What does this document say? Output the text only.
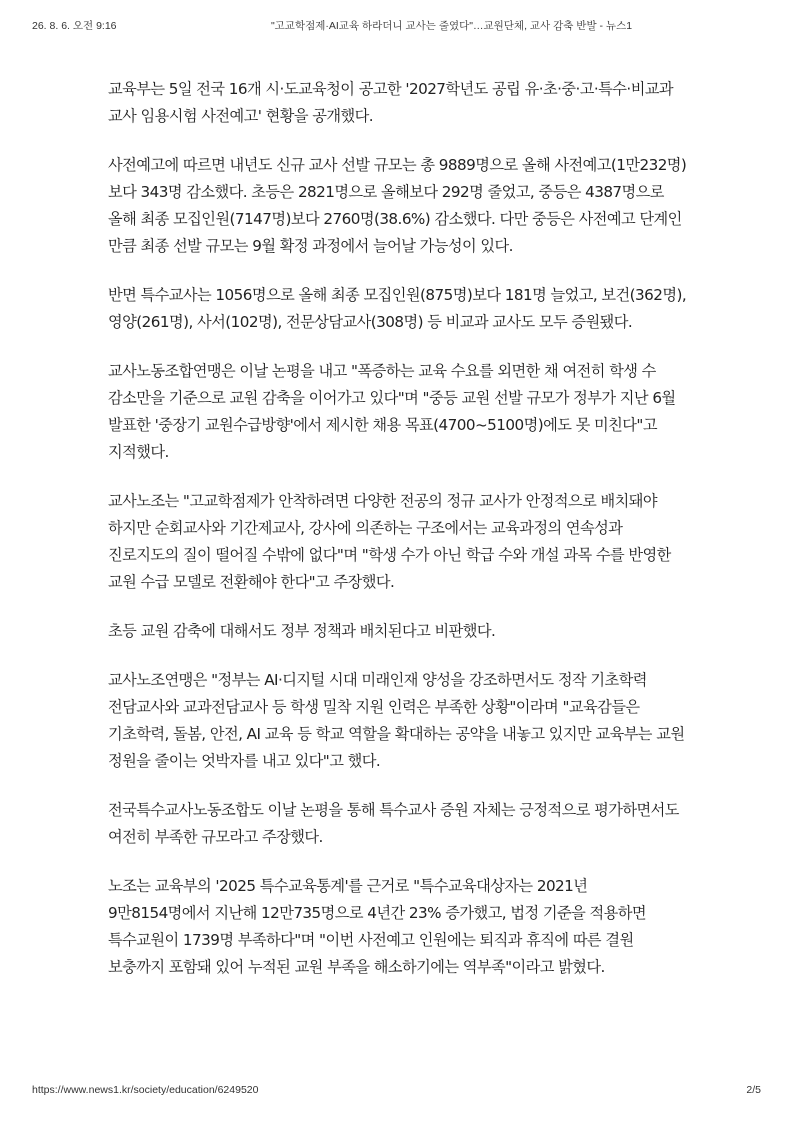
26. 8. 6. 오전 9:16	"고교학점제·AI교육 하라더니 교사는 줄였다"…교원단체, 교사 감축 반발 - 뉴스1

교육부는 5일 전국 16개 시·도교육청이 공고한 '2027학년도 공립 유·초·중·고·특수·비교과 교사 임용시험 사전예고' 현황을 공개했다.

사전예고에 따르면 내년도 신규 교사 선발 규모는 총 9889명으로 올해 사전예고(1만232명)보다 343명 감소했다. 초등은 2821명으로 올해보다 292명 줄었고, 중등은 4387명으로 올해 최종 모집인원(7147명)보다 2760명(38.6%) 감소했다. 다만 중등은 사전예고 단계인 만큼 최종 선발 규모는 9월 확정 과정에서 늘어날 가능성이 있다.

반면 특수교사는 1056명으로 올해 최종 모집인원(875명)보다 181명 늘었고, 보건(362명), 영양(261명), 사서(102명), 전문상담교사(308명) 등 비교과 교사도 모두 증원됐다.

교사노동조합연맹은 이날 논평을 내고 "폭증하는 교육 수요를 외면한 채 여전히 학생 수 감소만을 기준으로 교원 감축을 이어가고 있다"며 "중등 교원 선발 규모가 정부가 지난 6월 발표한 '중장기 교원수급방향'에서 제시한 채용 목표(4700~5100명)에도 못 미친다"고 지적했다.

교사노조는 "고교학점제가 안착하려면 다양한 전공의 정규 교사가 안정적으로 배치돼야 하지만 순회교사와 기간제교사, 강사에 의존하는 구조에서는 교육과정의 연속성과 진로지도의 질이 떨어질 수밖에 없다"며 "학생 수가 아닌 학급 수와 개설 과목 수를 반영한 교원 수급 모델로 전환해야 한다"고 주장했다.

초등 교원 감축에 대해서도 정부 정책과 배치된다고 비판했다.

교사노조연맹은 "정부는 AI·디지털 시대 미래인재 양성을 강조하면서도 정작 기초학력 전담교사와 교과전담교사 등 학생 밀착 지원 인력은 부족한 상황"이라며 "교육감들은 기초학력, 돌봄, 안전, AI 교육 등 학교 역할을 확대하는 공약을 내놓고 있지만 교육부는 교원 정원을 줄이는 엇박자를 내고 있다"고 했다.

전국특수교사노동조합도 이날 논평을 통해 특수교사 증원 자체는 긍정적으로 평가하면서도 여전히 부족한 규모라고 주장했다.

노조는 교육부의 '2025 특수교육통계'를 근거로 "특수교육대상자는 2021년 9만8154명에서 지난해 12만735명으로 4년간 23% 증가했고, 법정 기준을 적용하면 특수교원이 1739명 부족하다"며 "이번 사전예고 인원에는 퇴직과 휴직에 따른 결원 보충까지 포함돼 있어 누적된 교원 부족을 해소하기에는 역부족"이라고 밝혔다.

https://www.news1.kr/society/education/6249520	2/5
